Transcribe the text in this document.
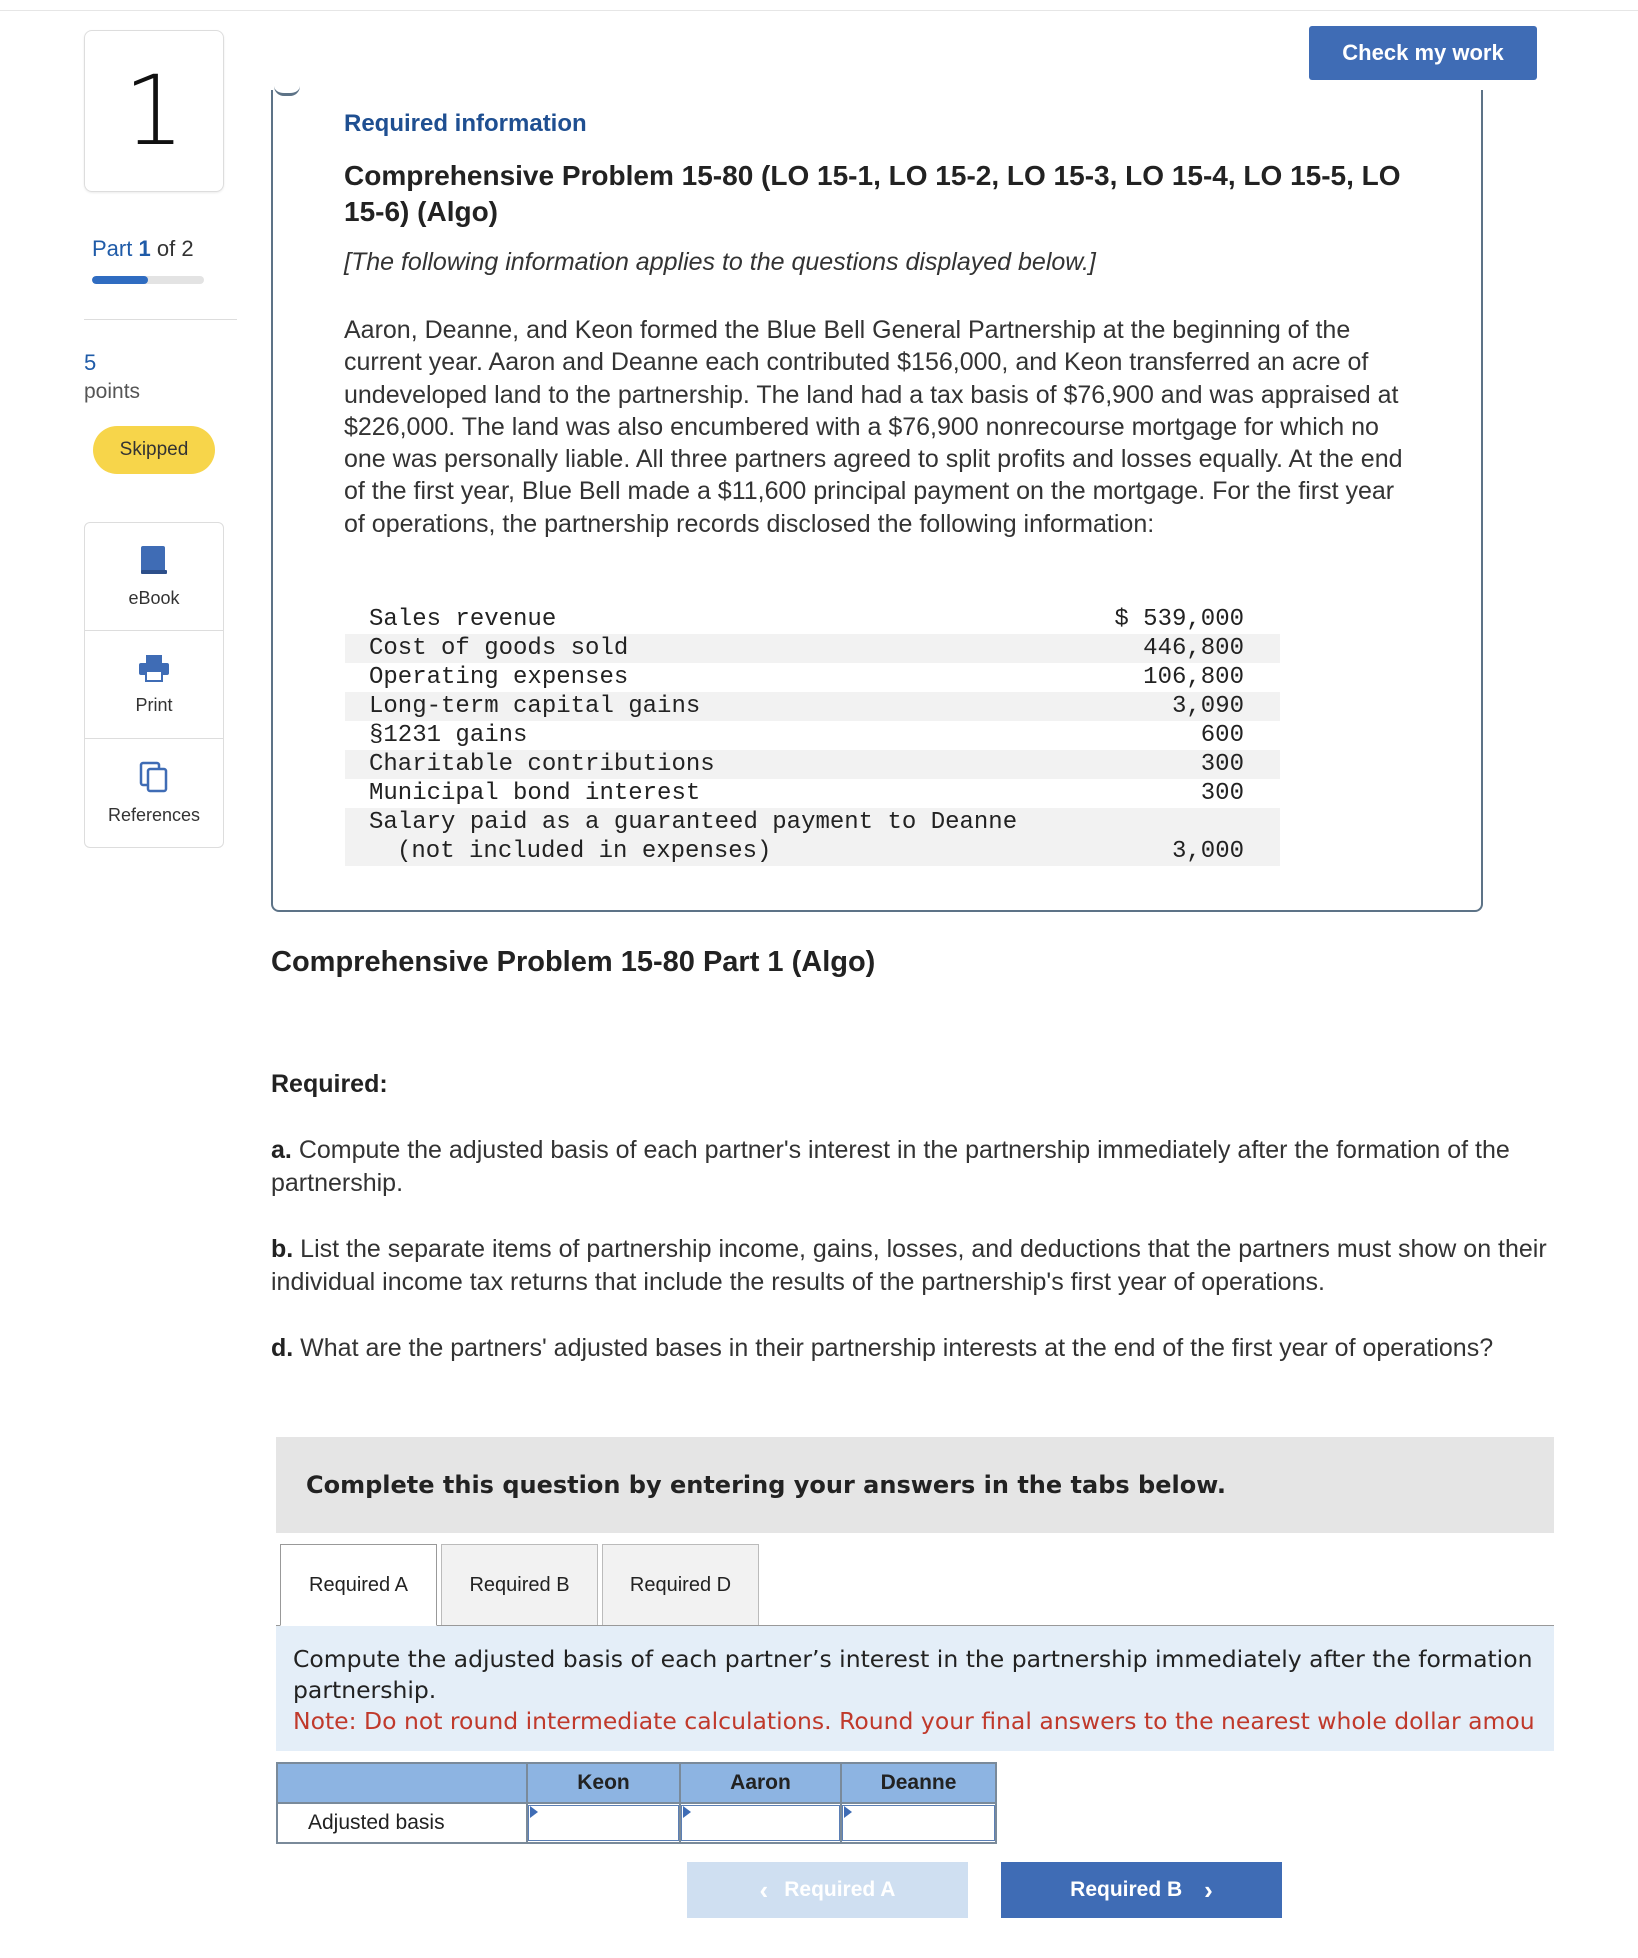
1
Part 1 of 2
5
points
Skipped
eBook
Print
References
Check my work
Required information
Comprehensive Problem 15-80 (LO 15-1, LO 15-2, LO 15-3, LO 15-4, LO 15-5, LO 15-6) (Algo)
[The following information applies to the questions displayed below.]
Aaron, Deanne, and Keon formed the Blue Bell General Partnership at the beginning of the current year. Aaron and Deanne each contributed $156,000, and Keon transferred an acre of undeveloped land to the partnership. The land had a tax basis of $76,900 and was appraised at $226,000. The land was also encumbered with a $76,900 nonrecourse mortgage for which no one was personally liable. All three partners agreed to split profits and losses equally. At the end of the first year, Blue Bell made a $11,600 principal payment on the mortgage. For the first year of operations, the partnership records disclosed the following information:
Sales revenue	$ 539,000
Cost of goods sold	446,800
Operating expenses	106,800
Long-term capital gains	3,090
§1231 gains	600
Charitable contributions	300
Municipal bond interest	300
Salary paid as a guaranteed payment to Deanne	
(not included in expenses)	3,000
Comprehensive Problem 15-80 Part 1 (Algo)
Required:
a. Compute the adjusted basis of each partner's interest in the partnership immediately after the formation of the partnership.
b. List the separate items of partnership income, gains, losses, and deductions that the partners must show on their individual income tax returns that include the results of the partnership's first year of operations.
d. What are the partners' adjusted bases in their partnership interests at the end of the first year of operations?
Complete this question by entering your answers in the tabs below.
Required A	Required B	Required D
Compute the adjusted basis of each partner’s interest in the partnership immediately after the formation
partnership.
Note: Do not round intermediate calculations. Round your final answers to the nearest whole dollar amou
	Keon	Aaron	Deanne
Adjusted basis	

‹ Required A	Required B ›
